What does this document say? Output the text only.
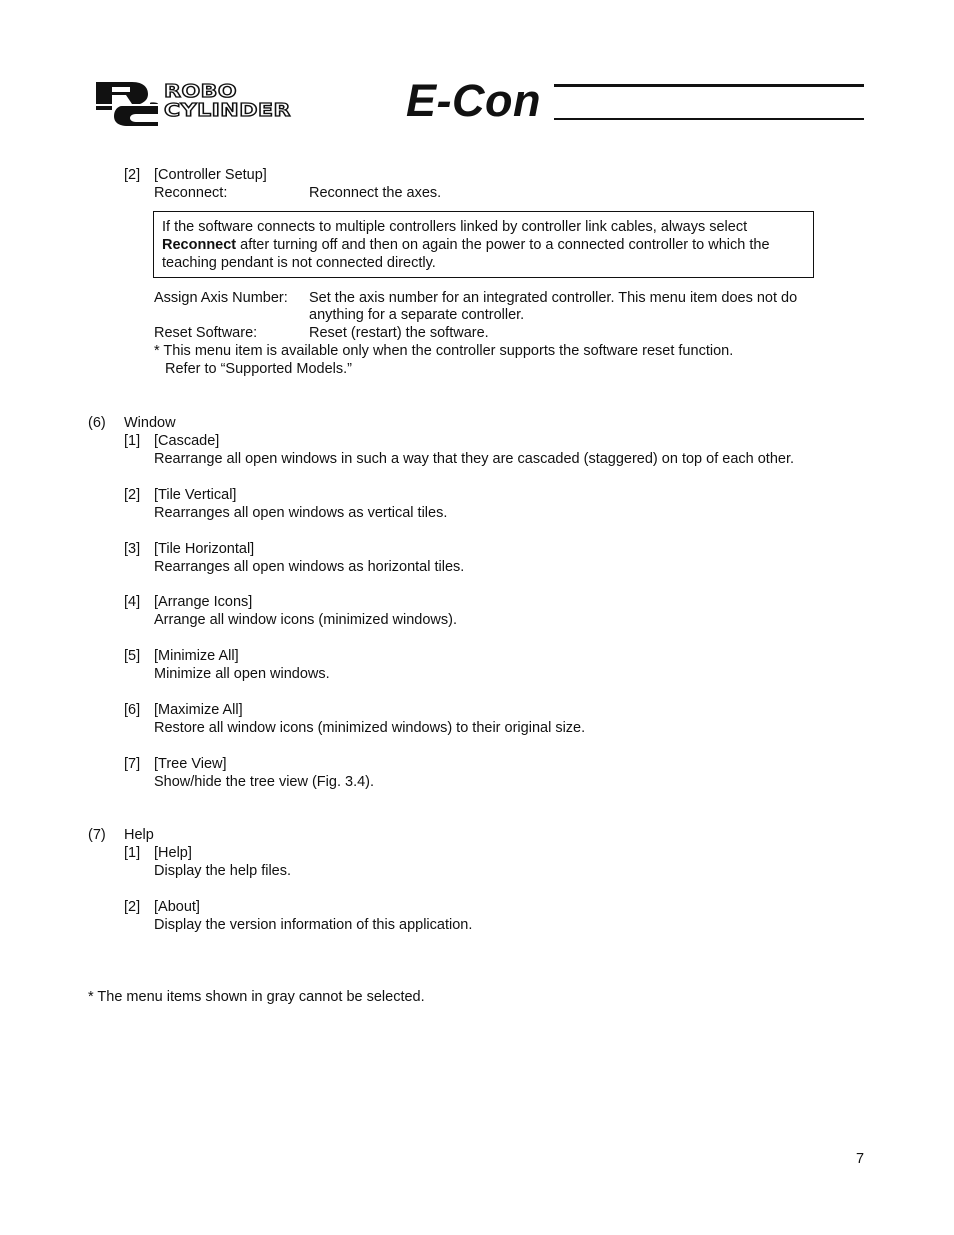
ROBO
CYLINDER	E-Con
[2] [Controller Setup]
Reconnect:	Reconnect the axes.
If the software connects to multiple controllers linked by controller link cables, always select
Reconnect after turning off and then on again the power to a connected controller to which the
teaching pendant is not connected directly.
Assign Axis Number: Set the axis number for an integrated controller. This menu item does not do
anything for a separate controller.
Reset Software:	Reset (restart) the software.
* This menu item is available only when the controller supports the software reset function.
Refer to “Supported Models.”
(6) Window
[1] [Cascade]
Rearrange all open windows in such a way that they are cascaded (staggered) on top of each other.
[2] [Tile Vertical]
Rearranges all open windows as vertical tiles.
[3] [Tile Horizontal]
Rearranges all open windows as horizontal tiles.
[4] [Arrange Icons]
Arrange all window icons (minimized windows).
[5] [Minimize All]
Minimize all open windows.
[6] [Maximize All]
Restore all window icons (minimized windows) to their original size.
[7] [Tree View]
Show/hide the tree view (Fig. 3.4).
(7) Help
[1] [Help]
Display the help files.
[2] [About]
Display the version information of this application.
* The menu items shown in gray cannot be selected.
7
